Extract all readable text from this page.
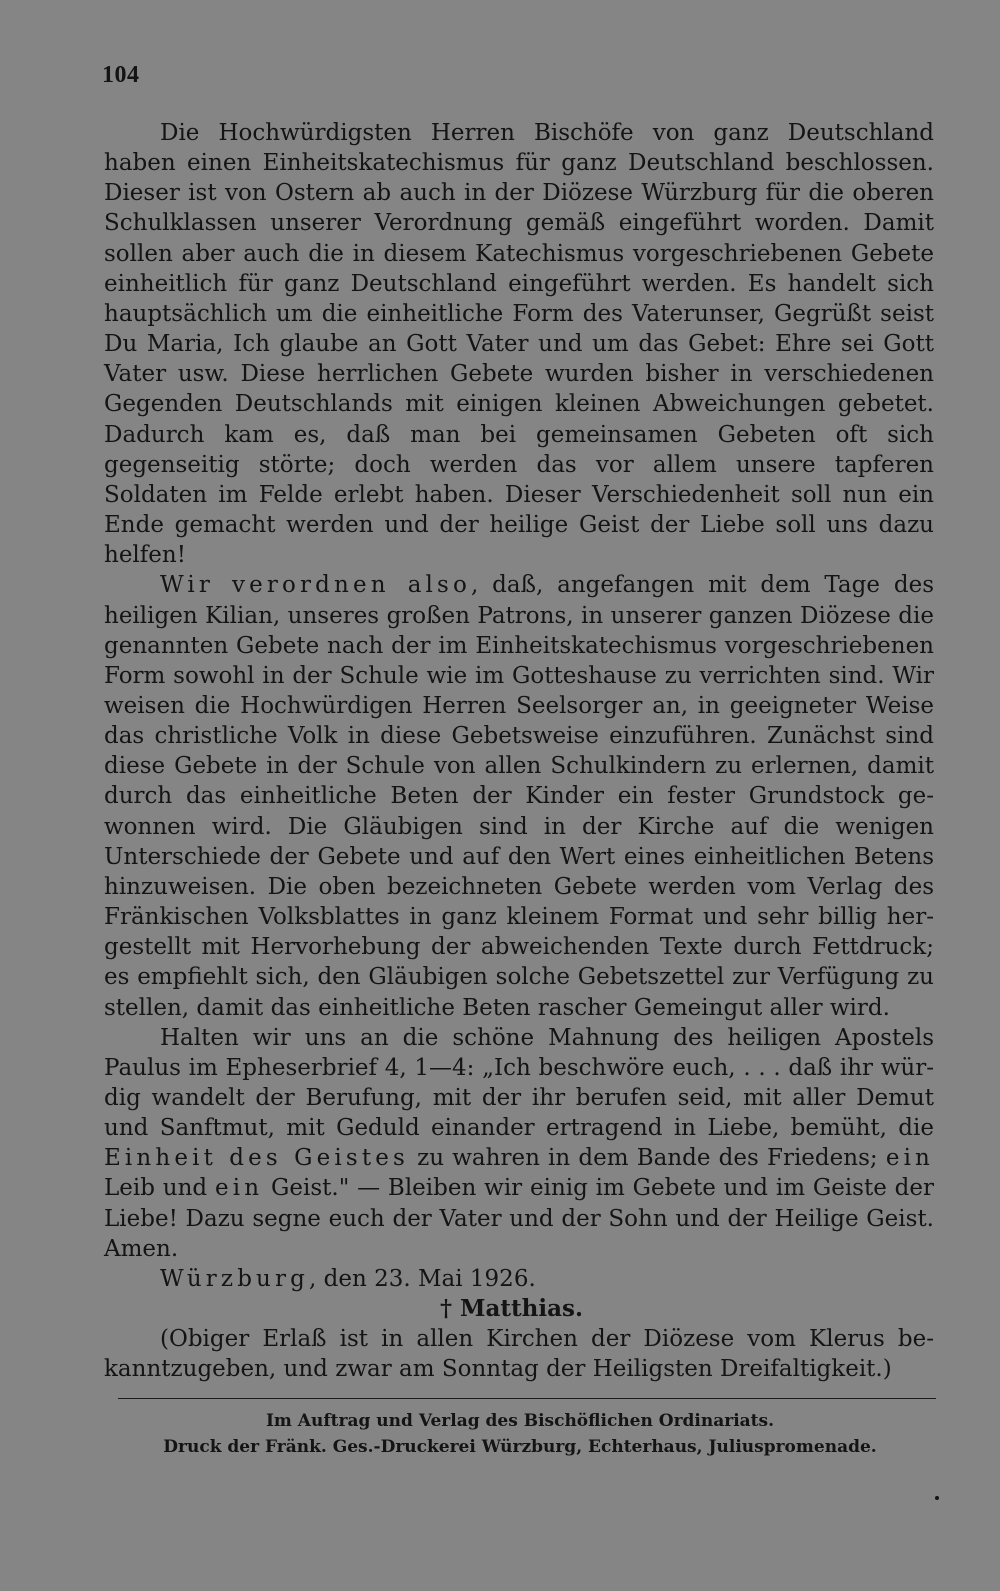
104

Die Hochwürdigsten Herren Bischöfe von ganz Deutschland haben einen Einheitskatechismus für ganz Deutschland beschlossen. Dieser ist von Ostern ab auch in der Diözese Würzburg für die oberen Schulklassen unserer Verordnung gemäß eingeführt worden. Damit sollen aber auch die in diesem Katechismus vorgeschriebenen Gebete einheitlich für ganz Deutschland eingeführt werden. Es handelt sich hauptsächlich um die einheitliche Form des Vaterunser, Gegrüßt seist Du Maria, Ich glaube an Gott Vater und um das Gebet: Ehre sei Gott Vater usw. Diese herrlichen Gebete wurden bisher in verschiedenen Gegenden Deutschlands mit einigen kleinen Abweichungen gebetet. Dadurch kam es, daß man bei gemeinsamen Gebeten oft sich gegenseitig störte; doch werden das vor allem unsere tapferen Soldaten im Felde erlebt haben. Dieser Verschiedenheit soll nun ein Ende gemacht werden und der heilige Geist der Liebe soll uns dazu helfen!

Wir verordnen also, daß, angefangen mit dem Tage des heiligen Kilian, unseres großen Patrons, in unserer ganzen Diözese die genannten Gebete nach der im Einheitskatechismus vorgeschriebenen Form sowohl in der Schule wie im Gotteshause zu verrichten sind. Wir weisen die Hochwürdigen Herren Seelsorger an, in geeigneter Weise das christliche Volk in diese Gebetsweise einzuführen. Zunächst sind diese Gebete in der Schule von allen Schulkindern zu erlernen, damit durch das einheitliche Beten der Kinder ein fester Grundstock gewonnen wird. Die Gläubigen sind in der Kirche auf die wenigen Unterschiede der Gebete und auf den Wert eines einheitlichen Betens hinzuweisen. Die oben bezeichneten Gebete werden vom Verlag des Fränkischen Volksblattes in ganz kleinem Format und sehr billig hergestellt mit Hervorhebung der abweichenden Texte durch Fettdruck; es empfiehlt sich, den Gläubigen solche Gebetszettel zur Verfügung zu stellen, damit das einheitliche Beten rascher Gemeingut aller wird.

Halten wir uns an die schöne Mahnung des heiligen Apostels Paulus im Epheserbrief 4, 1—4: „Ich beschwöre euch, . . . daß ihr würdig wandelt der Berufung, mit der ihr berufen seid, mit aller Demut und Sanftmut, mit Geduld einander ertragend in Liebe, bemüht, die Einheit des Geistes zu wahren in dem Bande des Friedens; ein Leib und ein Geist." — Bleiben wir einig im Gebete und im Geiste der Liebe! Dazu segne euch der Vater und der Sohn und der Heilige Geist. Amen.

Würzburg, den 23. Mai 1926.

† Matthias.

(Obiger Erlaß ist in allen Kirchen der Diözese vom Klerus bekanntzugeben, und zwar am Sonntag der Heiligsten Dreifaltigkeit.)

Im Auftrag und Verlag des Bischöflichen Ordinariats.
Druck der Fränk. Ges.-Druckerei Würzburg, Echterhaus, Juliuspromenade.
